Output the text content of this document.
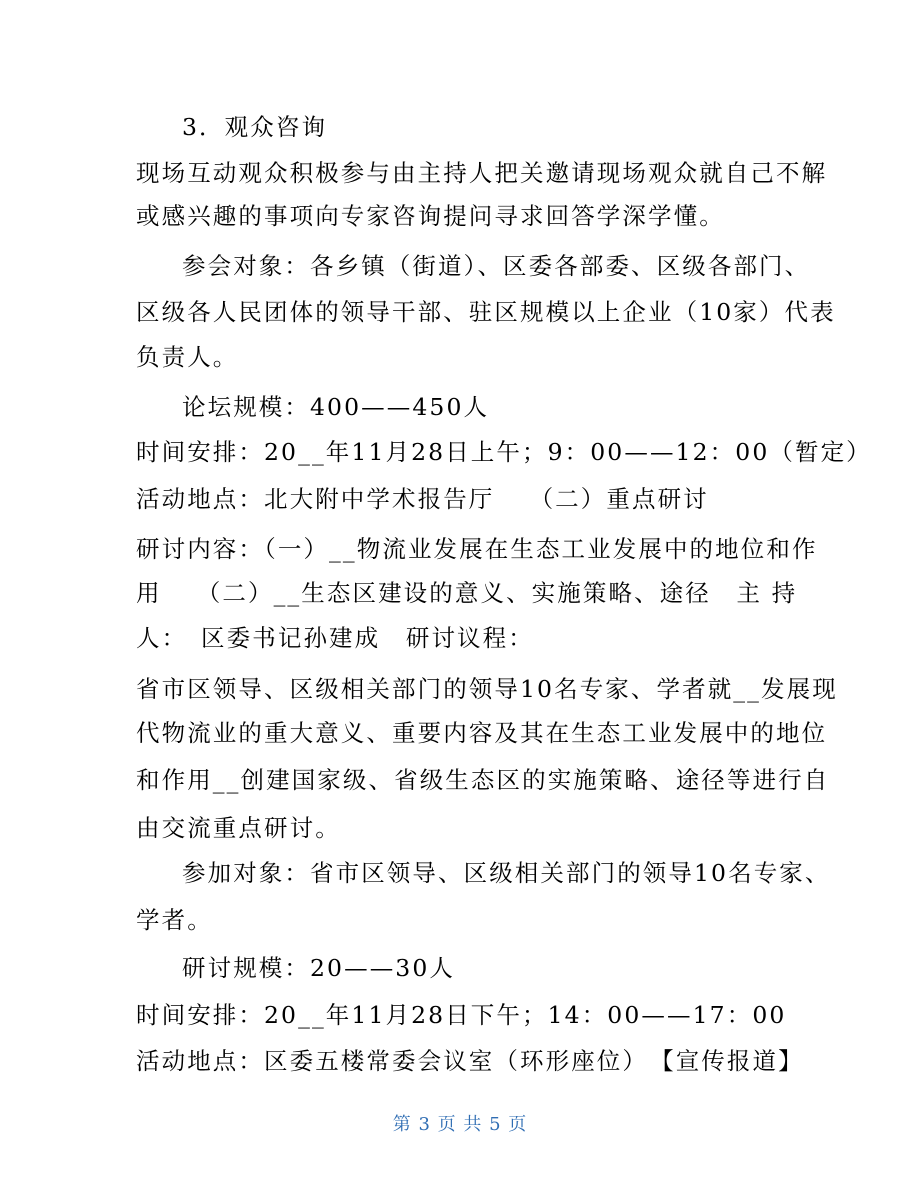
3．观众咨询
现场互动观众积极参与由主持人把关邀请现场观众就自己不解
或感兴趣的事项向专家咨询提问寻求回答学深学懂。
参会对象：各乡镇（街道）、区委各部委、区级各部门、
区级各人民团体的领导干部、驻区规模以上企业（10家）代表
负责人。
论坛规模：400——450人
时间安排：20__年11月28日上午；9：00——12：00（暂定）
活动地点：北大附中学术报告厅　 （二）重点研讨
研讨内容：（一）__物流业发展在生态工业发展中的地位和作
用　 （二）__生态区建设的意义、实施策略、途径　主 持
人：　区委书记孙建成　研讨议程：
省市区领导、区级相关部门的领导10名专家、学者就__发展现
代物流业的重大意义、重要内容及其在生态工业发展中的地位
和作用__创建国家级、省级生态区的实施策略、途径等进行自
由交流重点研讨。
参加对象：省市区领导、区级相关部门的领导10名专家、
学者。
研讨规模：20——30人
时间安排：20__年11月28日下午；14：00——17：00
活动地点：区委五楼常委会议室（环形座位）　【宣传报道】
第 3 页 共 5 页
